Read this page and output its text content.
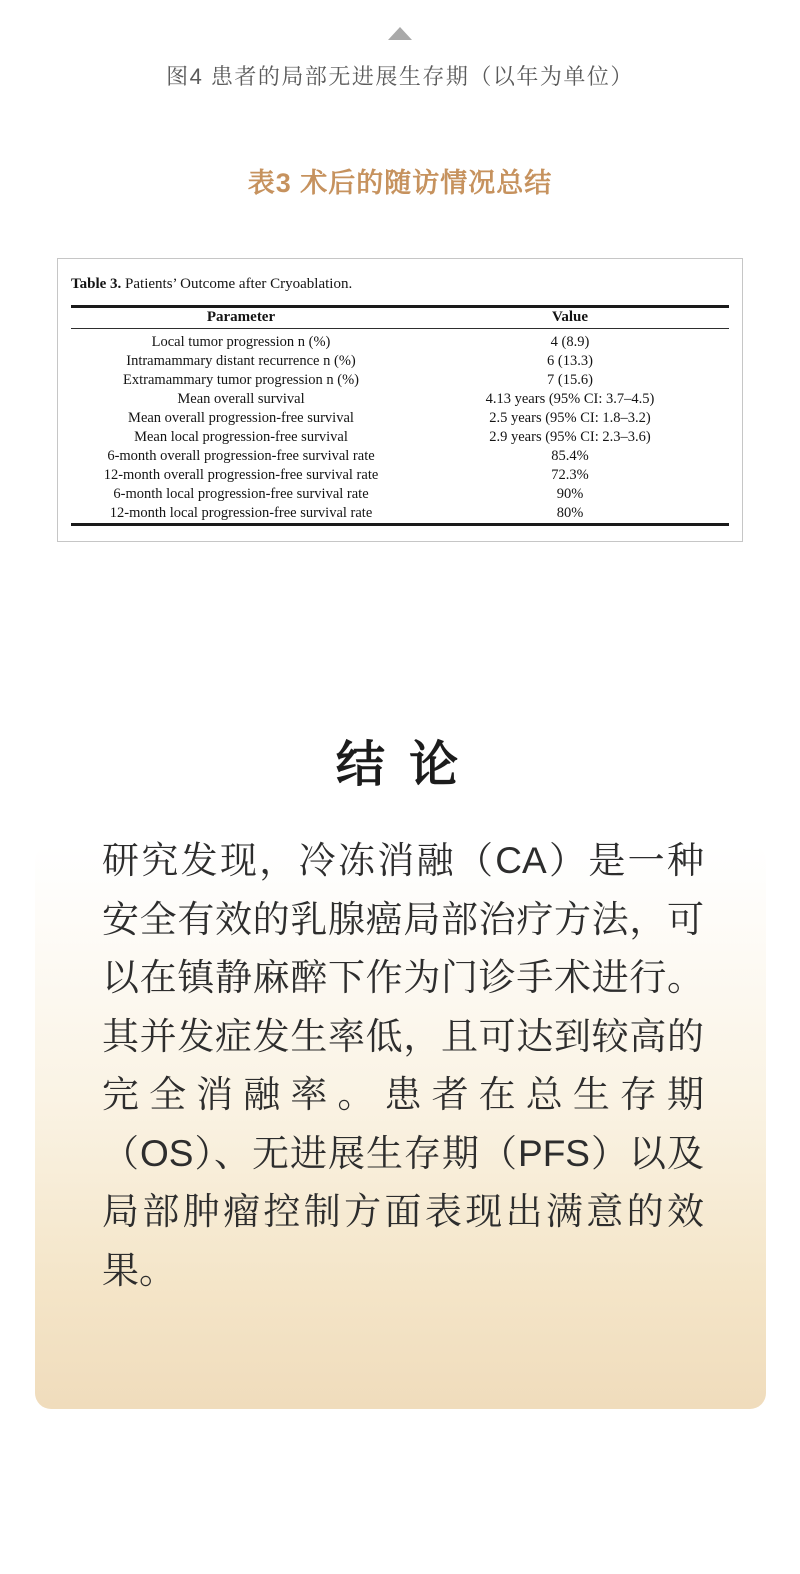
图4 患者的局部无进展生存期（以年为单位）
表3 术后的随访情况总结
Table 3. Patients’ Outcome after Cryoablation.
Parameter	Value
Local tumor progression n (%)	4 (8.9)
Intramammary distant recurrence n (%)	6 (13.3)
Extramammary tumor progression n (%)	7 (15.6)
Mean overall survival	4.13 years (95% CI: 3.7–4.5)
Mean overall progression-free survival	2.5 years (95% CI: 1.8–3.2)
Mean local progression-free survival	2.9 years (95% CI: 2.3–3.6)
6-month overall progression-free survival rate	85.4%
12-month overall progression-free survival rate	72.3%
6-month local progression-free survival rate	90%
12-month local progression-free survival rate	80%
结 论
研究发现，冷冻消融（CA）是一种安全有效的乳腺癌局部治疗方法，可以在镇静麻醉下作为门诊手术进行。其并发症发生率低，且可达到较高的完全消融率。患者在总生存期（OS）、无进展生存期（PFS）以及局部肿瘤控制方面表现出满意的效果。
